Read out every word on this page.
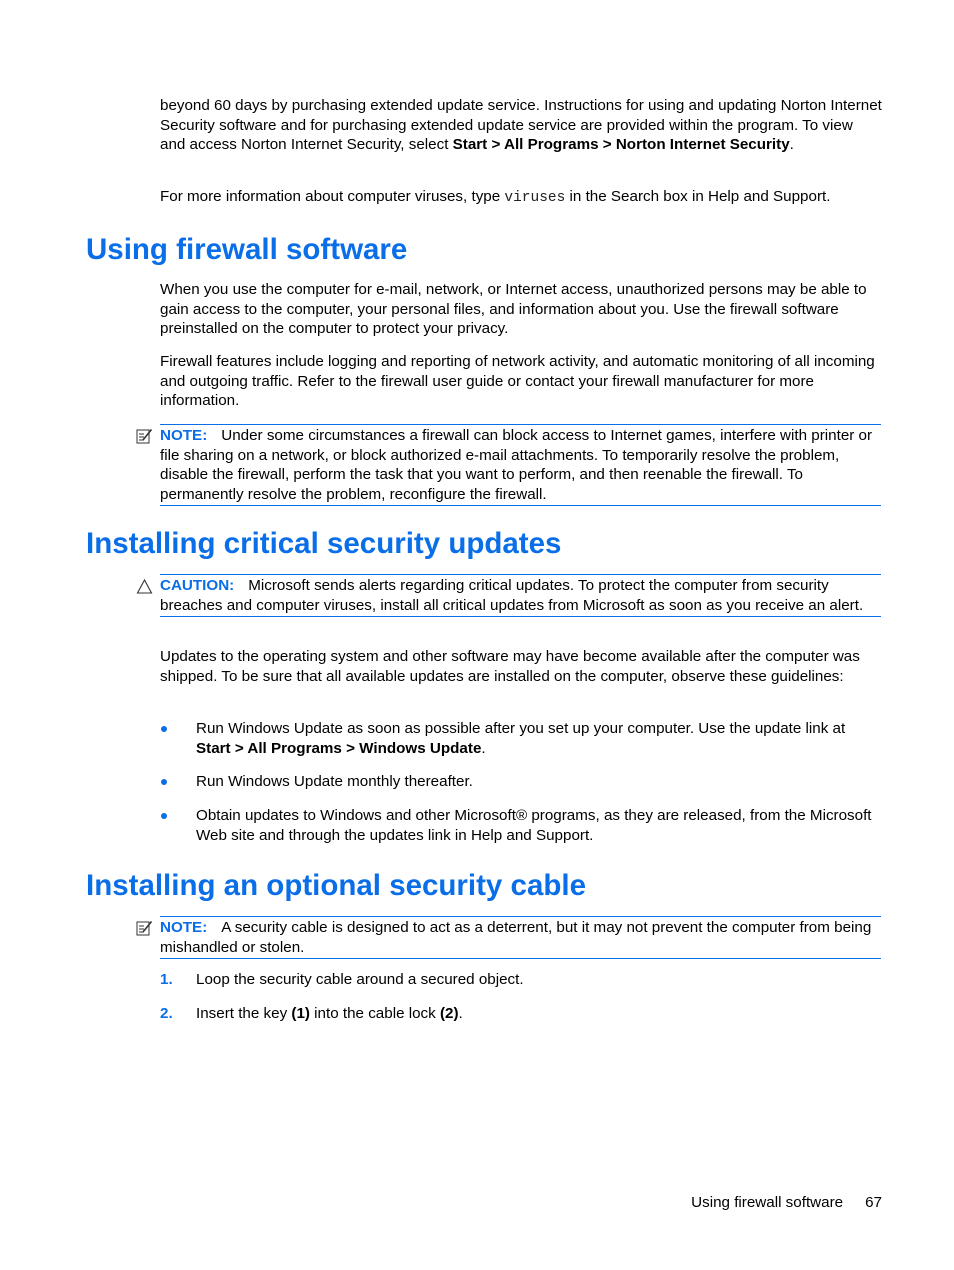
beyond 60 days by purchasing extended update service. Instructions for using and updating Norton Internet Security software and for purchasing extended update service are provided within the program. To view and access Norton Internet Security, select Start > All Programs > Norton Internet Security.

For more information about computer viruses, type viruses in the Search box in Help and Support.

Using firewall software

When you use the computer for e-mail, network, or Internet access, unauthorized persons may be able to gain access to the computer, your personal files, and information about you. Use the firewall software preinstalled on the computer to protect your privacy.

Firewall features include logging and reporting of network activity, and automatic monitoring of all incoming and outgoing traffic. Refer to the firewall user guide or contact your firewall manufacturer for more information.

NOTE: Under some circumstances a firewall can block access to Internet games, interfere with printer or file sharing on a network, or block authorized e-mail attachments. To temporarily resolve the problem, disable the firewall, perform the task that you want to perform, and then reenable the firewall. To permanently resolve the problem, reconfigure the firewall.
Installing critical security updates
CAUTION: Microsoft sends alerts regarding critical updates. To protect the computer from security breaches and computer viruses, install all critical updates from Microsoft as soon as you receive an alert.

Updates to the operating system and other software may have become available after the computer was shipped. To be sure that all available updates are installed on the computer, observe these guidelines:

Run Windows Update as soon as possible after you set up your computer. Use the update link at Start > All Programs > Windows Update.

Run Windows Update monthly thereafter.

Obtain updates to Windows and other Microsoft® programs, as they are released, from the Microsoft Web site and through the updates link in Help and Support.

Installing an optional security cable
NOTE: A security cable is designed to act as a deterrent, but it may not prevent the computer from being mishandled or stolen.
1. Loop the security cable around a secured object.

2. Insert the key (1) into the cable lock (2).

Using firewall software 67
